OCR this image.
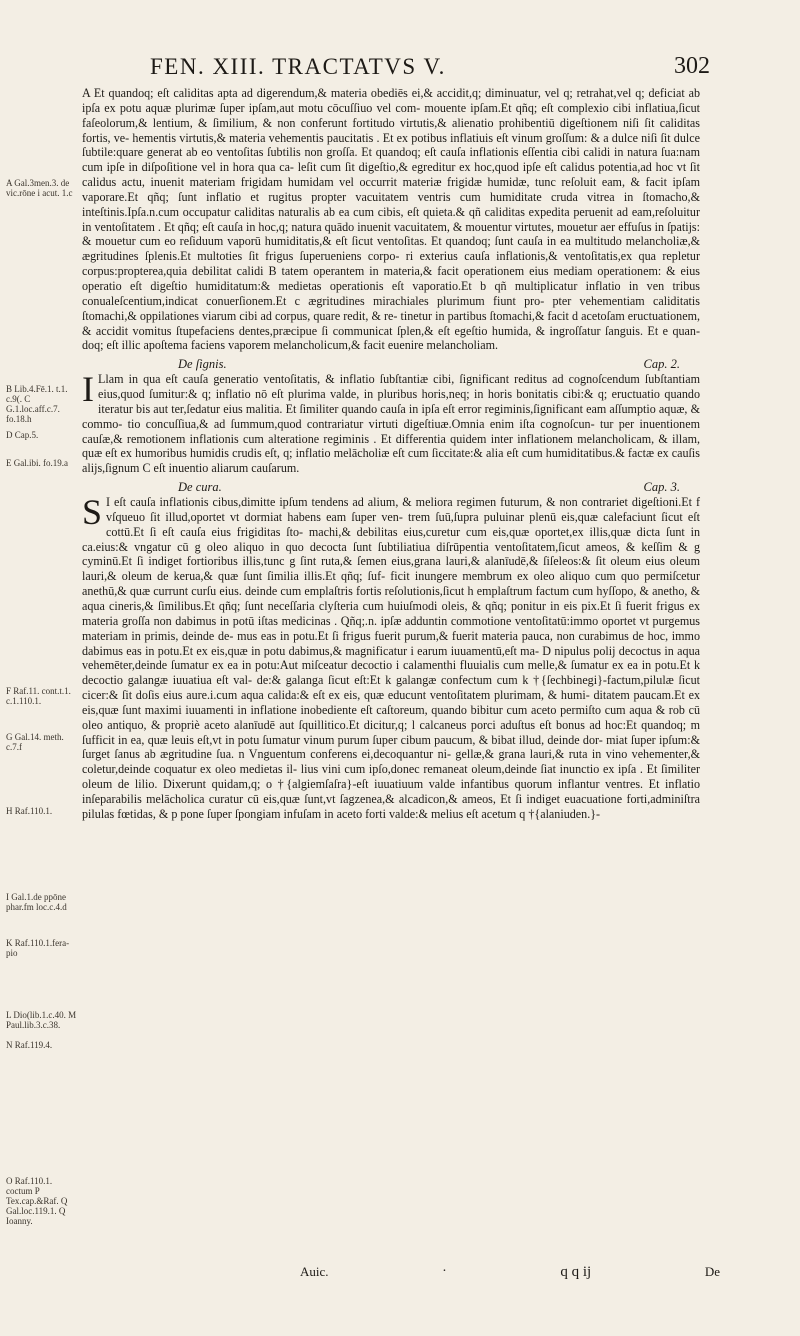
FEN. XIII. TRACTATVS V.	302
A Gal.3men.3. de vic.rōne i acut. 1.c
B Lib.4.Fē.1. t.1. c.9(. C G.1.loc.aff.c.7. fo.18.h
D Cap.5.
E Gal.ibi. fo.19.a
F Raf.11. cont.t.1. c.1.110.1.
G Gal.14. meth. c.7.f
H Raf.110.1.
I Gal.1.de ppōne phar.fm loc.c.4.d
K Raf.110.1.fera-pio
L Dio(lib.1.c.40. M Paul.lib.3.c.38.
N Raf.119.4.
O Raf.110.1. coctum P Tex.cap.&Raf. Q Gal.loc.119.1. Q Ioanny.

A Et quandoq; eſt caliditas apta ad digerendum,& materia obediēs ei,& accidit,q; diminuatur, vel q; retrahat,vel q; deficiat ab ipſa ex potu aquæ plurimæ ſuper ipſam,aut motu cōcuſſiuo vel com- mouente ipſam.Et qñq; eſt complexio cibi inflatiua,ſicut faſeolorum,& lentium, & ſimilium, & non conferunt fortitudo virtutis,& alienatio prohibentiū digeſtionem niſi ſit caliditas fortis, ve- hementis virtutis,& materia vehementis paucitatis . Et ex potibus inflatiuis eſt vinum groſſum: & a dulce niſi ſit dulce ſubtile:quare generat ab eo ventoſitas ſubtilis non groſſa. Et quandoq; eſt cauſa inflationis eſſentia cibi calidi in natura ſua:nam cum ipſe in diſpoſitione vel in hora qua ca- leſit cum ſit digeſtio,& egreditur ex hoc,quod ipſe eſt calidus potentia,ad hoc vt ſit calidus actu, inuenit materiam frigidam humidam vel occurrit materiæ frigidæ humidæ, tunc reſoluit eam, & facit ipſam vaporare.Et qñq; ſunt inflatio et rugitus propter vacuitatem ventris cum humiditate cruda vitrea in ſtomacho,& inteſtinis.Ipſa.n.cum occupatur caliditas naturalis ab ea cum cibis, eſt quieta.& qñ caliditas expedita peruenit ad eam,reſoluitur in ventoſitatem . Et qñq; eſt cauſa in hoc,q; natura quādo inuenit vacuitatem, & mouentur virtutes, mouetur aer effuſus in ſpatijs: & mouetur cum eo reſiduum vaporū humiditatis,& eſt ſicut ventoſitas. Et quandoq; ſunt cauſa in ea multitudo melancholiæ,& ægritudines ſplenis.Et multoties ſit frigus ſuperueniens corpo- ri exterius cauſa inflationis,& ventoſitatis,ex qua repletur corpus:propterea,quia debilitat calidi B tatem operantem in materia,& facit operationem eius mediam operationem: & eius operatio eſt digeſtio humiditatum:& medietas operationis eſt vaporatio.Et b qñ multiplicatur inflatio in ven tribus conualeſcentium,indicat conuerſionem.Et c ægritudines mirachiales plurimum fiunt pro- pter vehementiam caliditatis ſtomachi,& oppilationes viarum cibi ad corpus, quare redit, & re- tinetur in partibus ſtomachi,& facit d acetoſam eructuationem, & accidit vomitus ſtupefaciens dentes,præcipue ſi communicat ſplen,& eſt egeſtio humida, & ingroſſatur ſanguis. Et e quan- doq; eſt illic apoſtema faciens vaporem melancholicum,& facit euenire melancholiam.

De ſignis.	Cap. 2.

I Llam in qua eſt cauſa generatio ventoſitatis, & inflatio ſubſtantiæ cibi, ſignificant reditus ad cognoſcendum ſubſtantiam eius,quod ſumitur:& q; inflatio nō eſt plurima valde, in pluribus horis,neq; in horis bonitatis cibi:& q; eructuatio quando iteratur bis aut ter,ſedatur eius malitia. Et ſimiliter quando cauſa in ipſa eſt error regiminis,ſignificant eam aſſumptio aquæ, & commo- tio concuſſiua,& ad ſummum,quod contrariatur virtuti digeſtiuæ.Omnia enim iſta cognoſcun- tur per inuentionem cauſæ,& remotionem inflationis cum alteratione regiminis . Et differentia quidem inter inflationem melancholicam, & illam, quæ eſt ex humoribus humidis crudis eſt, q; inflatio melācholiæ eſt cum ſiccitate:& alia eſt cum humiditatibus.& factæ ex cauſis alijs,ſignum C eſt inuentio aliarum cauſarum.

De cura.	Cap. 3.

S I eſt cauſa inflationis cibus,dimitte ipſum tendens ad alium, & meliora regimen futurum, & non contrariet digeſtioni.Et f vſqueuo ſit illud,oportet vt dormiat habens eam ſuper ven- trem ſuū,ſupra puluinar plenū eis,quæ calefaciunt ſicut eſt cottū.Et ſi eſt cauſa eius frigiditas ſto- machi,& debilitas eius,curetur cum eis,quæ oportet,ex illis,quæ dicta ſunt in ca.eius:& vngatur cū g oleo aliquo in quo decocta ſunt ſubtiliatiua diſrūpentia ventoſitatem,ſicut ameos, & keſſim & g cyminū.Et ſi indiget fortioribus illis,tunc g ſint ruta,& ſemen eius,grana lauri,& alanīudē,& ſiſeleos:& ſit oleum eius oleum lauri,& oleum de kerua,& quæ ſunt ſimilia illis.Et qñq; ſuf- ficit inungere membrum ex oleo aliquo cum quo permiſcetur anethū,& quæ currunt curſu eius. deinde cum emplaſtris fortis reſolutionis,ſicut h emplaſtrum factum cum hyſſopo, & anetho, & aqua cineris,& ſimilibus.Et qñq; ſunt neceſſaria clyſteria cum huiuſmodi oleis, & qñq; ponitur in eis pix.Et ſi fuerit frigus ex materia groſſa non dabimus in potū iſtas medicinas . Qñq;.n. ipſæ adduntin commotione ventoſitatū:immo oportet vt purgemus materiam in primis, deinde de- mus eas in potu.Et ſi frigus fuerit purum,& fuerit materia pauca, non curabimus de hoc, immo dabimus eas in potu.Et ex eis,quæ in potu dabimus,& magnificatur i earum iuuamentū,eſt ma- D nipulus polij decoctus in aqua vehemēter,deinde ſumatur ex ea in potu:Aut miſceatur decoctio i calamenthi fluuialis cum melle,& ſumatur ex ea in potu.Et k decoctio galangæ iuuatiua eſt val- de:& galanga ſicut eſt:Et k galangæ confectum cum k †{ſechbinegi}-factum,pilulæ ſicut cicer:& ſit doſis eius aure.i.cum aqua calida:& eſt ex eis, quæ educunt ventoſitatem plurimam, & humi- ditatem paucam.Et ex eis,quæ ſunt maximi iuuamenti in inflatione inobediente eſt caſtoreum, quando bibitur cum aceto permiſto cum aqua & rob cū oleo antiquo, & propriè aceto alanīudē aut ſquillitico.Et dicitur,q; l calcaneus porci aduſtus eſt bonus ad hoc:Et quandoq; m ſufficit in ea, quæ leuis eſt,vt in potu ſumatur vinum purum ſuper cibum paucum, & bibat illud, deinde dor- miat ſuper ipſum:& ſurget ſanus ab ægritudine ſua. n Vnguentum conferens ei,decoquantur ni- gellæ,& grana lauri,& ruta in vino vehementer,& coletur,deinde coquatur ex oleo medietas il- lius vini cum ipſo,donec remaneat oleum,deinde ſiat inunctio ex ipſa . Et ſimiliter oleum de lilio. Dixerunt quidam,q; o †{algiemſaſra}-eſt iuuatiuum valde infantibus quorum inflantur ventres. Et inflatio inſeparabilis melācholica curatur cū eis,quæ ſunt,vt ſagzenea,& alcadicon,& ameos, Et ſi indiget euacuatione forti,adminiſtra pilulas fœtidas, & p pone ſuper ſpongiam infuſam in aceto forti valde:& melius eſt acetum q †{alaniuden.}-

Auic.	·	q q ij	De
